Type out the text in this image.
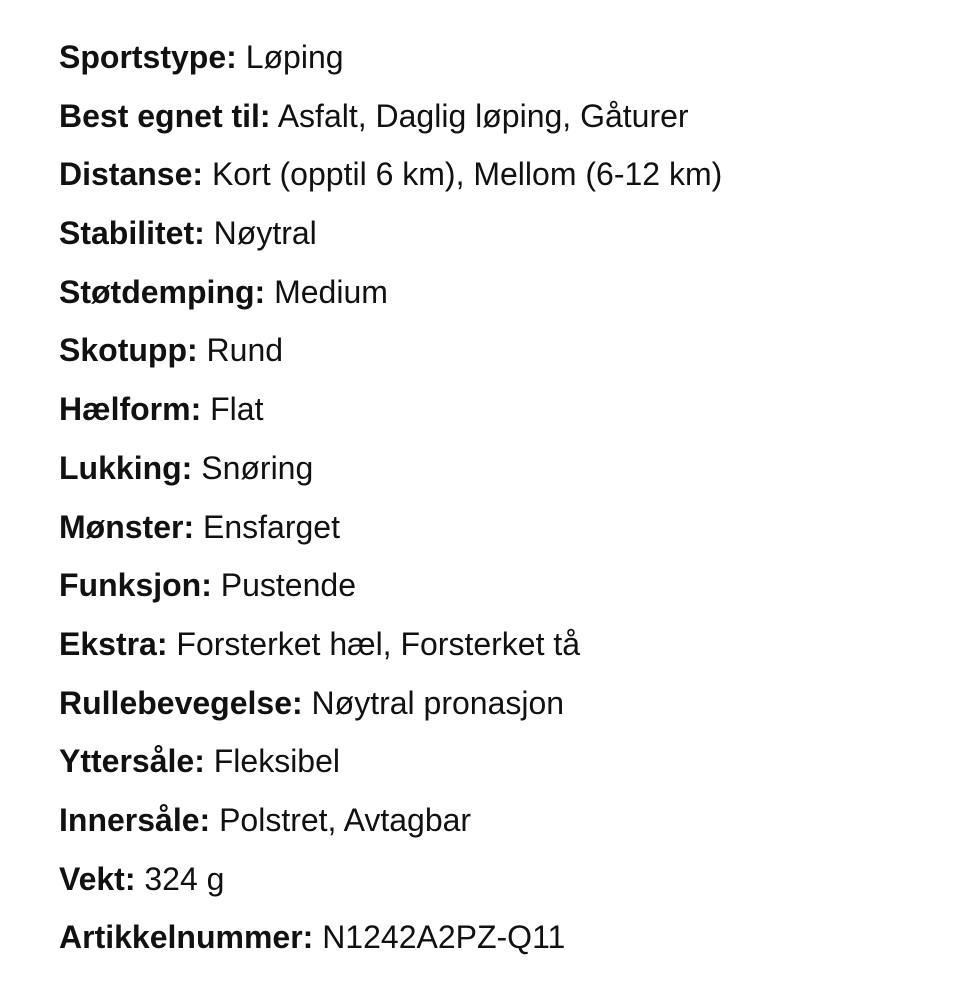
Sportstype: Løping
Best egnet til: Asfalt, Daglig løping, Gåturer
Distanse: Kort (opptil 6 km), Mellom (6-12 km)
Stabilitet: Nøytral
Støtdemping: Medium
Skotupp: Rund
Hælform: Flat
Lukking: Snøring
Mønster: Ensfarget
Funksjon: Pustende
Ekstra: Forsterket hæl, Forsterket tå
Rullebevegelse: Nøytral pronasjon
Yttersåle: Fleksibel
Innersåle: Polstret, Avtagbar
Vekt: 324 g
Artikkelnummer: N1242A2PZ-Q11
